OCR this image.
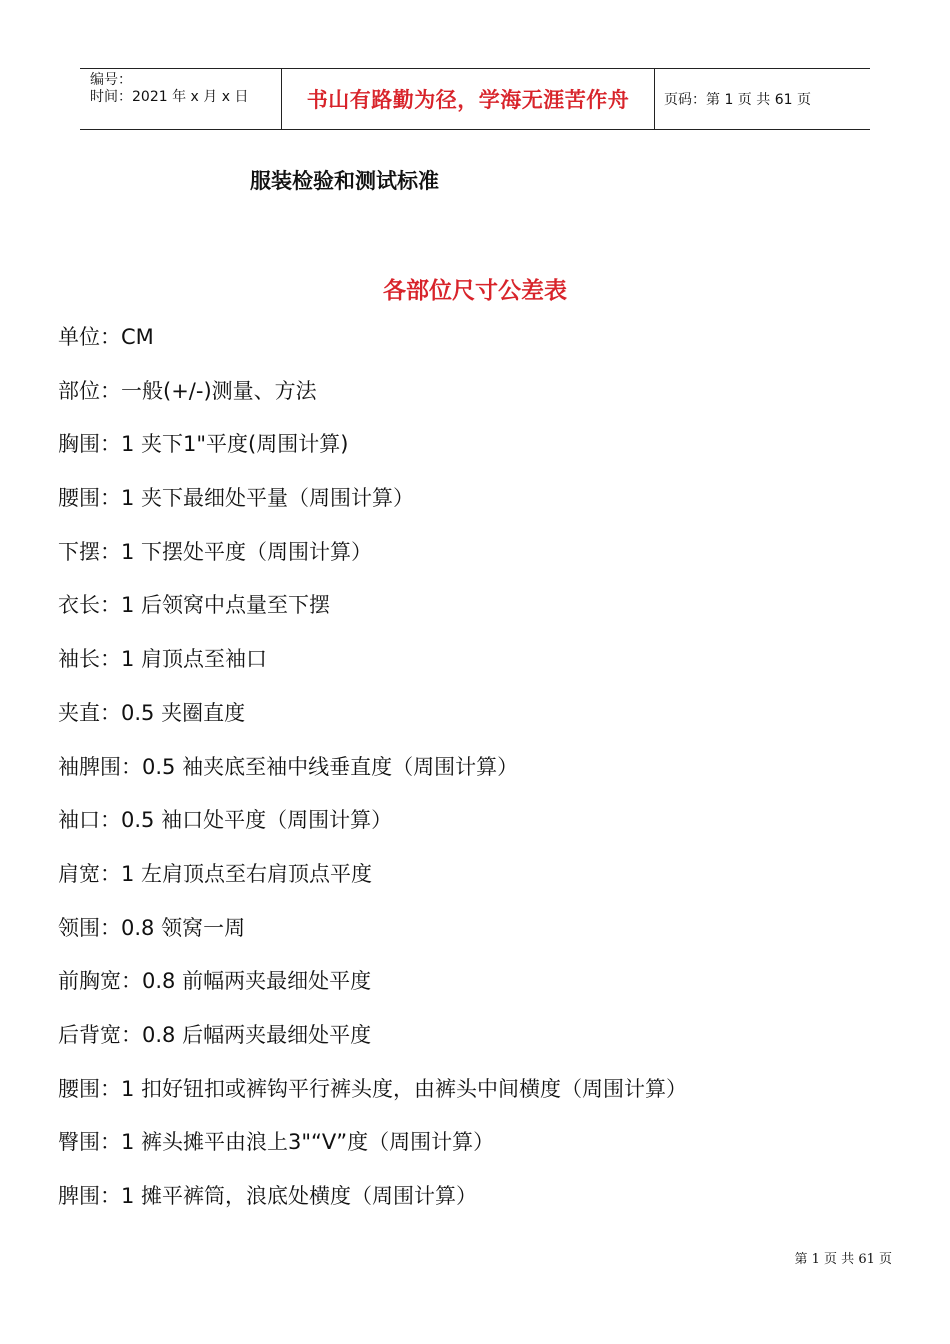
编号：
时间：2021 年 x 月 x 日	书山有路勤为径，学海无涯苦作舟 页码：第 1 页 共 61 页
服装检验和测试标准
各部位尺寸公差表
单位：CM
部位：一般(+/-)测量、方法
胸围：1 夹下1"平度(周围计算)
腰围：1 夹下最细处平量（周围计算）
下摆：1 下摆处平度（周围计算）
衣长：1 后领窝中点量至下摆
袖长：1 肩顶点至袖口
夹直：0.5 夹圈直度
袖脾围：0.5 袖夹底至袖中线垂直度（周围计算）
袖口：0.5 袖口处平度（周围计算）
肩宽：1 左肩顶点至右肩顶点平度
领围：0.8 领窝一周
前胸宽：0.8 前幅两夹最细处平度
后背宽：0.8 后幅两夹最细处平度
腰围：1 扣好钮扣或裤钩平行裤头度，由裤头中间横度（周围计算）
臀围：1 裤头摊平由浪上3"“V”度（周围计算）
脾围：1 摊平裤筒，浪底处横度（周围计算）
第 1 页 共 61 页
